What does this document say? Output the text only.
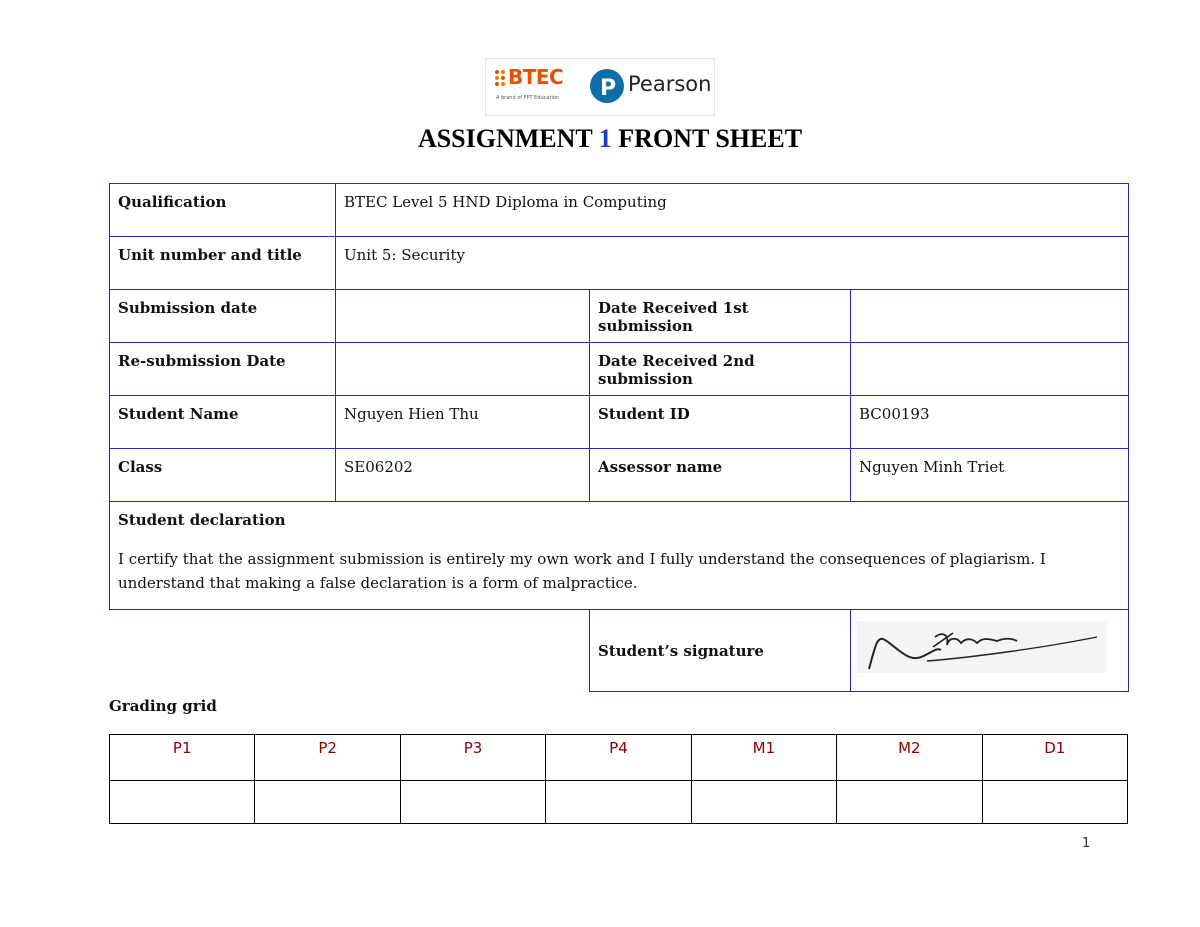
BTEC
A brand of FPT Education	P Pearson
ASSIGNMENT 1 FRONT SHEET
Qualification	BTEC Level 5 HND Diploma in Computing		
Unit number and title	Unit 5: Security		
Submission date		Date Received 1st submission	
Re-submission Date		Date Received 2nd submission	
Student Name	Nguyen Hien Thu	Student ID	BC00193
Class	SE06202	Assessor name	Nguyen Minh Triet

Student declaration
I certify that the assignment submission is entirely my own work and I fully understand the consequences of plagiarism. I understand that making a false declaration is a form of malpractice.			

		Student’s signature	
Grading grid
P1	P2	P3	P4	M1	M2	D1

1
